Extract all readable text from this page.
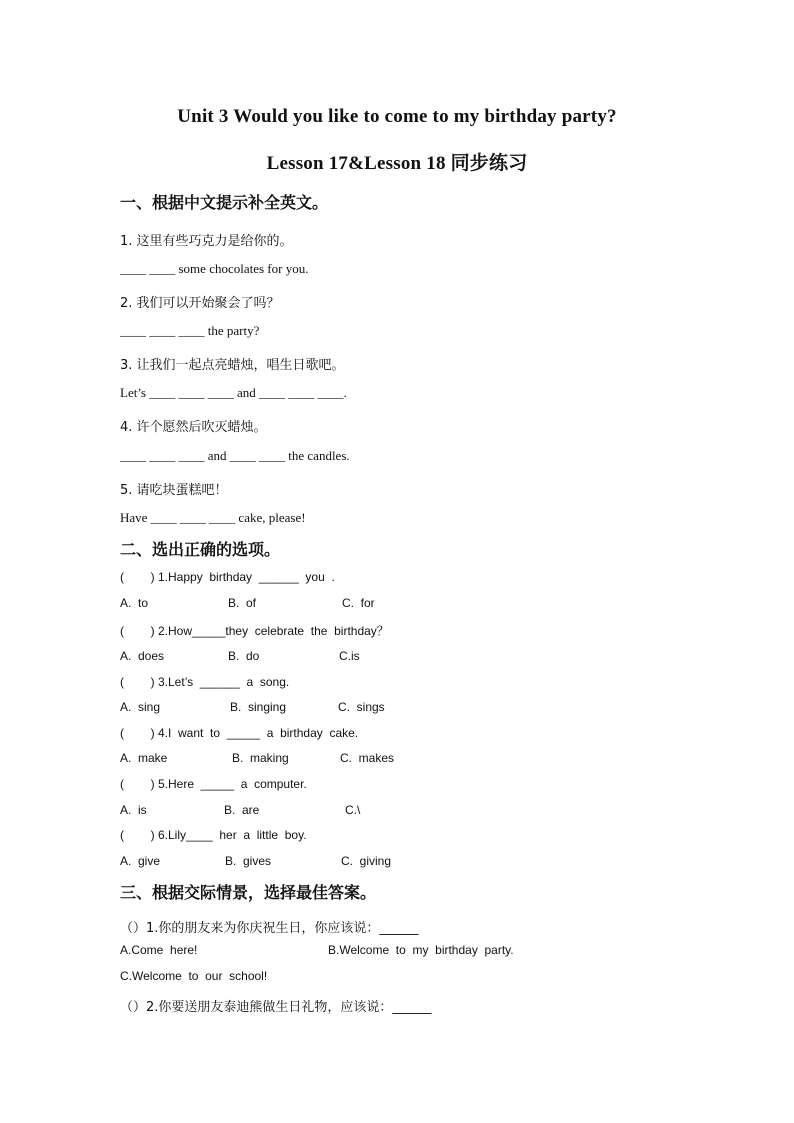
Unit 3 Would you like to come to my birthday party?
Lesson 17&Lesson 18 同步练习
一、根据中文提示补全英文。
1. 这里有些巧克力是给你的。
____ ____ some chocolates for you.
2. 我们可以开始聚会了吗？
____ ____ ____ the party?
3. 让我们一起点亮蜡烛，唱生日歌吧。
Let’s ____ ____ ____ and ____ ____ ____.
4. 许个愿然后吹灭蜡烛。
____ ____ ____ and ____ ____ the candles.
5. 请吃块蛋糕吧！
Have ____ ____ ____ cake, please!
二、选出正确的选项。
(        ) 1.Happy  birthday  ______  you  .

A.  to

	B.  of

	C.  for

(        ) 2.How_____they  celebrate  the  birthday？

A.  does

	B.  do

	C.is

(        ) 3.Let’s  ______  a  song.

A.  sing

	B.  singing

	C.  sings

(        ) 4.I  want  to  _____  a  birthday  cake.

A.  make

	B.  making

	C.  makes

(        ) 5.Here  _____  a  computer.

A.  is

	B.  are

	C.\

(        ) 6.Lily____  her  a  little  boy.

A.  give

	B.  gives

	C.  giving

三、根据交际情景，选择最佳答案。
（）1.你的朋友来为你庆祝生日，你应该说：______

A.Come  here!

	B.Welcome  to  my  birthday  party.

C.Welcome  to  our  school!
（）2.你要送朋友泰迪熊做生日礼物，应该说：______
